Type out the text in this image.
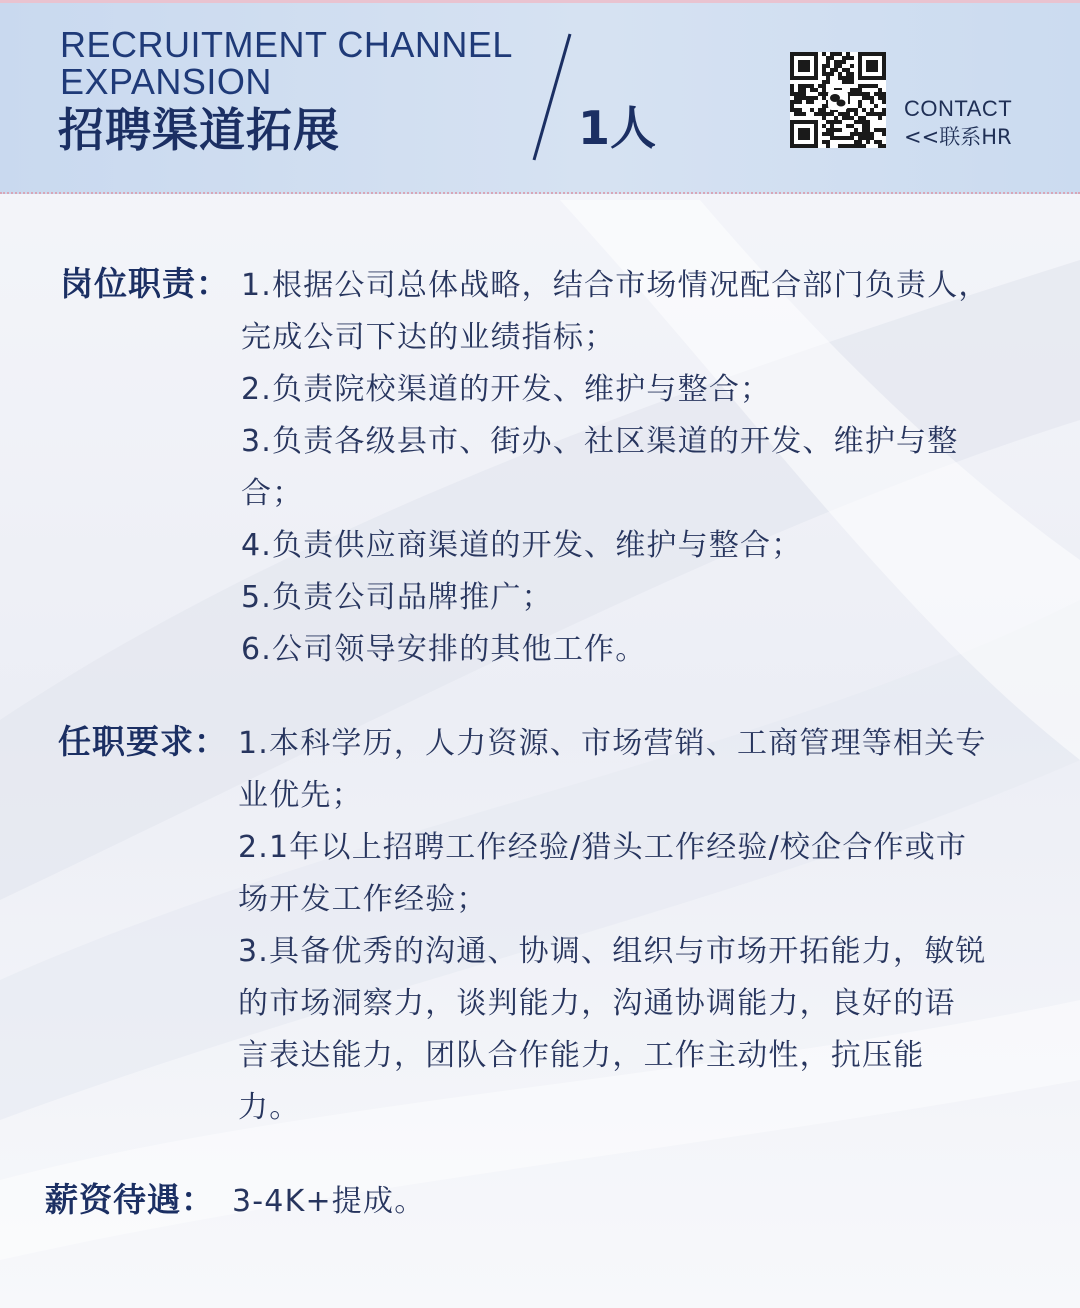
RECRUITMENT CHANNEL
EXPANSION
招聘渠道拓展	1人	CONTACT
<<联系HR
岗位职责： 1.根据公司总体战略，结合市场情况配合部门负责人，
完成公司下达的业绩指标；
2.负责院校渠道的开发、维护与整合；
3.负责各级县市、街办、社区渠道的开发、维护与整
合；
4.负责供应商渠道的开发、维护与整合；
5.负责公司品牌推广；
6.公司领导安排的其他工作。
任职要求： 1.本科学历，人力资源、市场营销、工商管理等相关专
业优先；
2.1年以上招聘工作经验/猎头工作经验/校企合作或市
场开发工作经验；
3.具备优秀的沟通、协调、组织与市场开拓能力，敏锐
的市场洞察力，谈判能力，沟通协调能力，良好的语
言表达能力，团队合作能力，工作主动性，抗压能
力。
薪资待遇： 3-4K+提成。
